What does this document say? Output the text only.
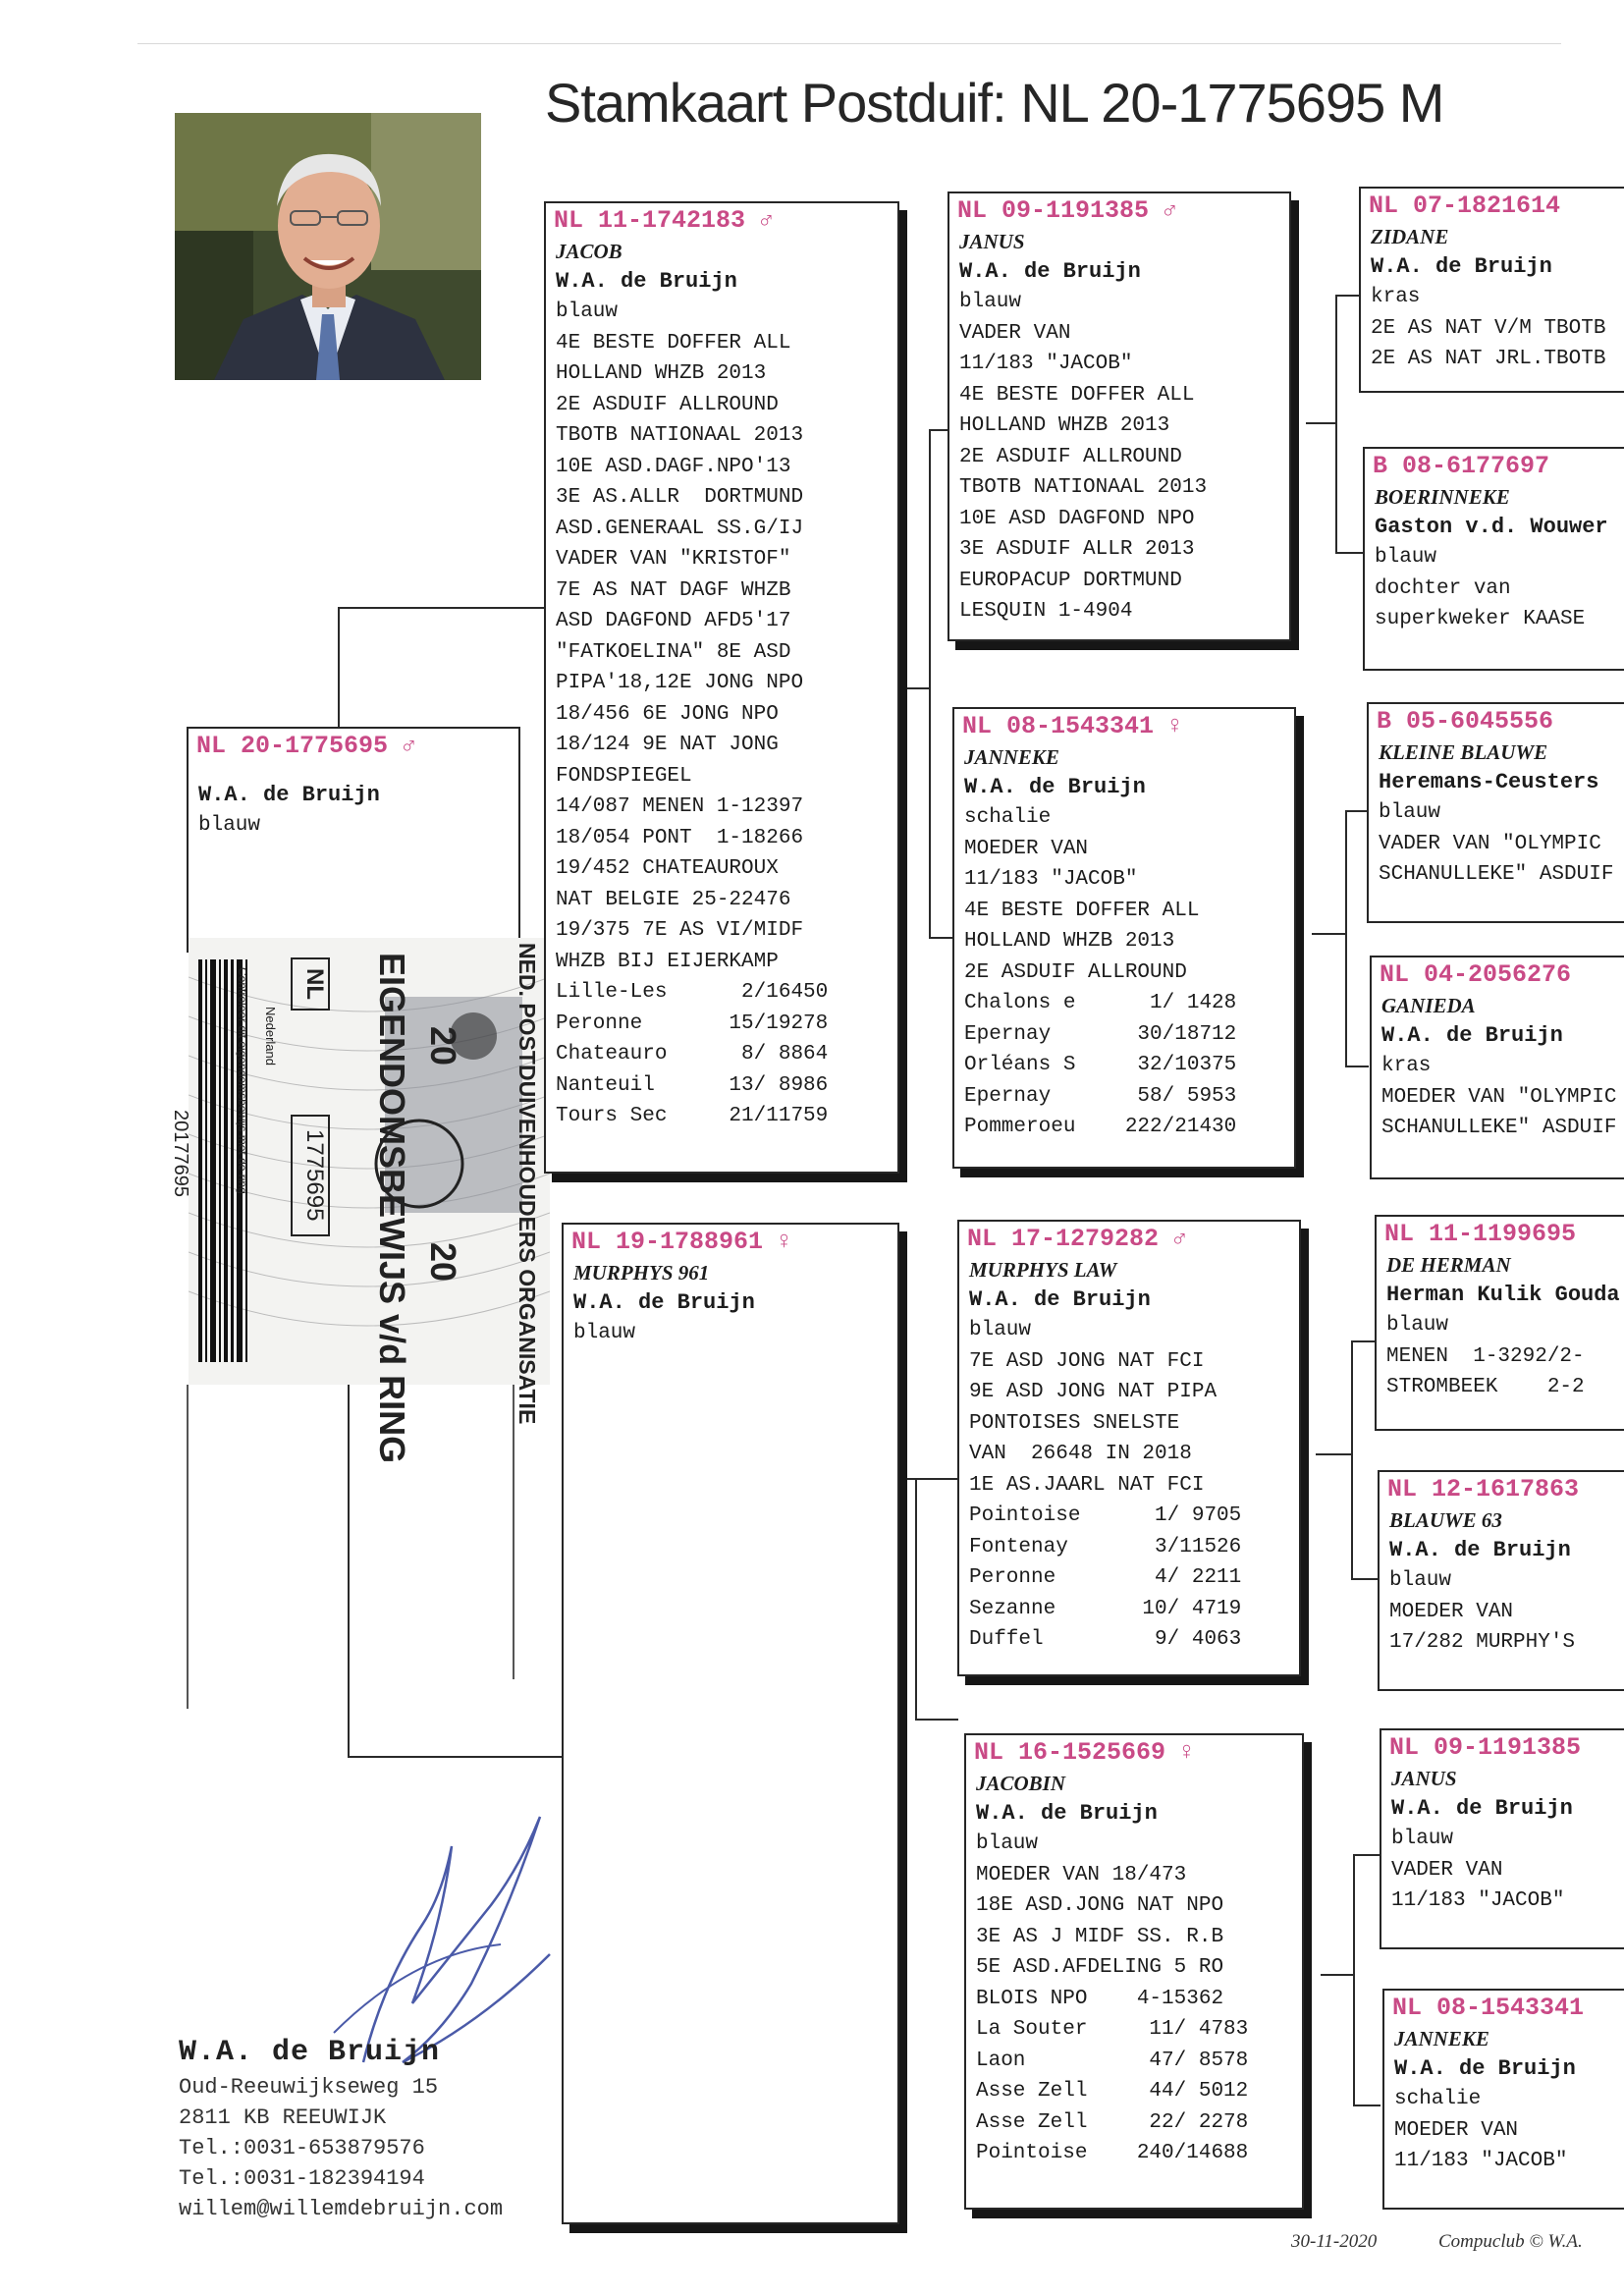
Stamkaart Postduif: NL 20-1775695 M
NL 20-1775695 ♂
W.A. de Bruijn
blauw
NED. POSTDUIVENHOUDERS ORGANISATIE
EIGENDOMSBEWIJS v/d RING 20
20
NL
1775695
Nederland
Controleer dit eigendomsbewijs met de ring
20177695
NL 11-1742183 ♂
JACOB
W.A. de Bruijn
blauw
4E BESTE DOFFER ALL
HOLLAND WHZB 2013
2E ASDUIF ALLROUND
TBOTB NATIONAAL 2013
10E ASD.DAGF.NPO'13
3E AS.ALLR  DORTMUND
ASD.GENERAAL SS.G/IJ
VADER VAN "KRISTOF"
7E AS NAT DAGF WHZB
ASD DAGFOND AFD5'17
"FATKOELINA" 8E ASD
PIPA'18,12E JONG NPO
18/456 6E JONG NPO
18/124 9E NAT JONG
FONDSPIEGEL
14/087 MENEN 1-12397
18/054 PONT  1-18266
19/452 CHATEAUROUX
NAT BELGIE 25-22476
19/375 7E AS VI/MIDF
WHZB BIJ EIJERKAMP
Lille-Les      2/16450
Peronne       15/19278
Chateauro      8/ 8864
Nanteuil      13/ 8986
Tours Sec     21/11759
NL 19-1788961 ♀
MURPHYS 961
W.A. de Bruijn
blauw
NL 09-1191385 ♂
JANUS
W.A. de Bruijn
blauw
VADER VAN
11/183 "JACOB"
4E BESTE DOFFER ALL
HOLLAND WHZB 2013
2E ASDUIF ALLROUND
TBOTB NATIONAAL 2013
10E ASD DAGFOND NPO
3E ASDUIF ALLR 2013
EUROPACUP DORTMUND
LESQUIN 1-4904
NL 08-1543341 ♀
JANNEKE
W.A. de Bruijn
schalie
MOEDER VAN
11/183 "JACOB"
4E BESTE DOFFER ALL
HOLLAND WHZB 2013
2E ASDUIF ALLROUND
Chalons e      1/ 1428
Epernay       30/18712
Orléans S     32/10375
Epernay       58/ 5953
Pommeroeu    222/21430
NL 17-1279282 ♂
MURPHYS LAW
W.A. de Bruijn
blauw
7E ASD JONG NAT FCI
9E ASD JONG NAT PIPA
PONTOISES SNELSTE
VAN  26648 IN 2018
1E AS.JAARL NAT FCI
Pointoise      1/ 9705
Fontenay       3/11526
Peronne        4/ 2211
Sezanne       10/ 4719
Duffel         9/ 4063
NL 16-1525669 ♀
JACOBIN
W.A. de Bruijn
blauw
MOEDER VAN 18/473
18E ASD.JONG NAT NPO
3E AS J MIDF SS. R.B
5E ASD.AFDELING 5 RO
BLOIS NPO    4-15362
La Souter     11/ 4783
Laon          47/ 8578
Asse Zell     44/ 5012
Asse Zell     22/ 2278
Pointoise    240/14688
NL 07-1821614
ZIDANE
W.A. de Bruijn
kras
2E AS NAT V/M TBOTB
2E AS NAT JRL.TBOTB
B 08-6177697
BOERINNEKE
Gaston v.d. Wouwer
blauw
dochter van
superkweker KAASE
B 05-6045556
KLEINE BLAUWE
Heremans-Ceusters
blauw
VADER VAN "OLYMPIC
SCHANULLEKE" ASDUIF
NL 04-2056276
GANIEDA
W.A. de Bruijn
kras
MOEDER VAN "OLYMPIC
SCHANULLEKE" ASDUIF
NL 11-1199695
DE HERMAN
Herman Kulik Gouda
blauw
MENEN  1-3292/2-
STROMBEEK    2-2
NL 12-1617863
BLAUWE 63
W.A. de Bruijn
blauw
MOEDER VAN
17/282 MURPHY'S
NL 09-1191385
JANUS
W.A. de Bruijn
blauw
VADER VAN
11/183 "JACOB"
NL 08-1543341
JANNEKE
W.A. de Bruijn
schalie
MOEDER VAN
11/183 "JACOB"
W.A. de Bruijn
Oud-Reeuwijkseweg 15
2811 KB REEUWIJK
Tel.:0031-653879576
Tel.:0031-182394194
willem@willemdebruijn.com
30-11-2020	Compuclub © W.A.
